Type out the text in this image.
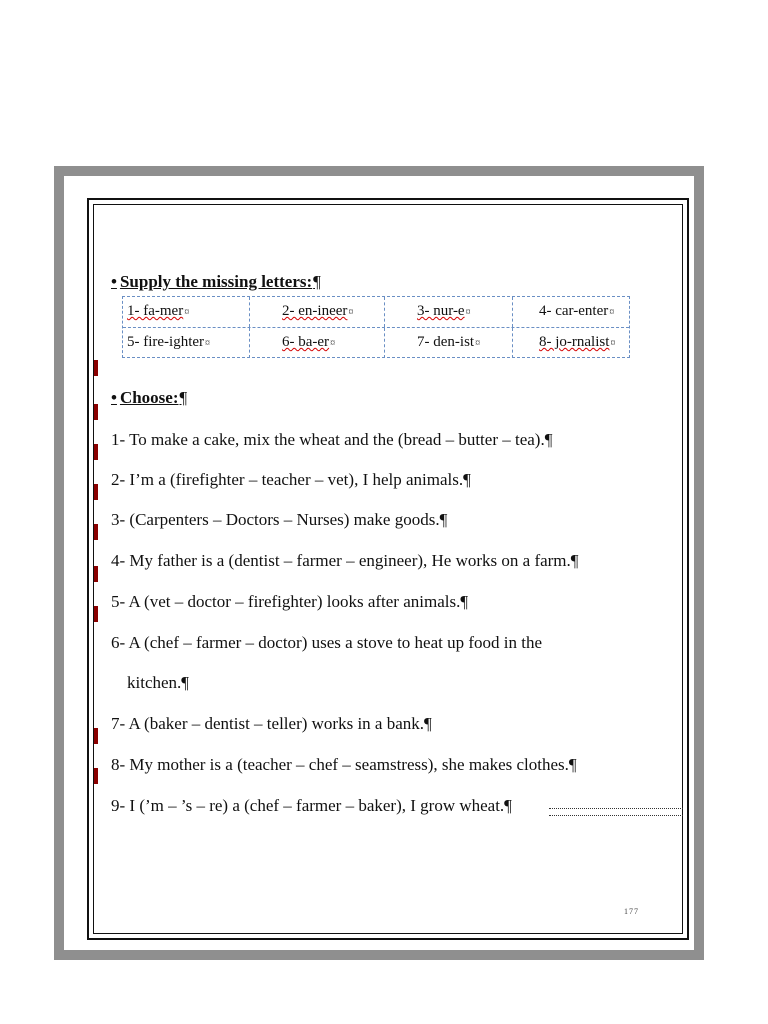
• Supply the missing letters:¶
1- fa-mer¤	2- en-ineer¤	3- nur-e¤	4- car-enter¤
5- fire-ighter¤	6- ba-er¤	7- den-ist¤	8- jo-rnalist¤
• Choose:¶
1- To make a cake, mix the wheat and the (bread – butter – tea).¶
2- I’m a (firefighter – teacher – vet), I help animals.¶
3- (Carpenters – Doctors – Nurses) make goods.¶
4- My father is a (dentist – farmer – engineer), He works on a farm.¶
5- A (vet – doctor – firefighter) looks after animals.¶
6- A (chef – farmer – doctor) uses a stove to heat up food in the
kitchen.¶
7- A (baker – dentist – teller) works in a bank.¶
8- My mother is a (teacher – chef – seamstress), she makes clothes.¶
9- I (’m – ’s – re) a (chef – farmer – baker), I grow wheat.¶
177
